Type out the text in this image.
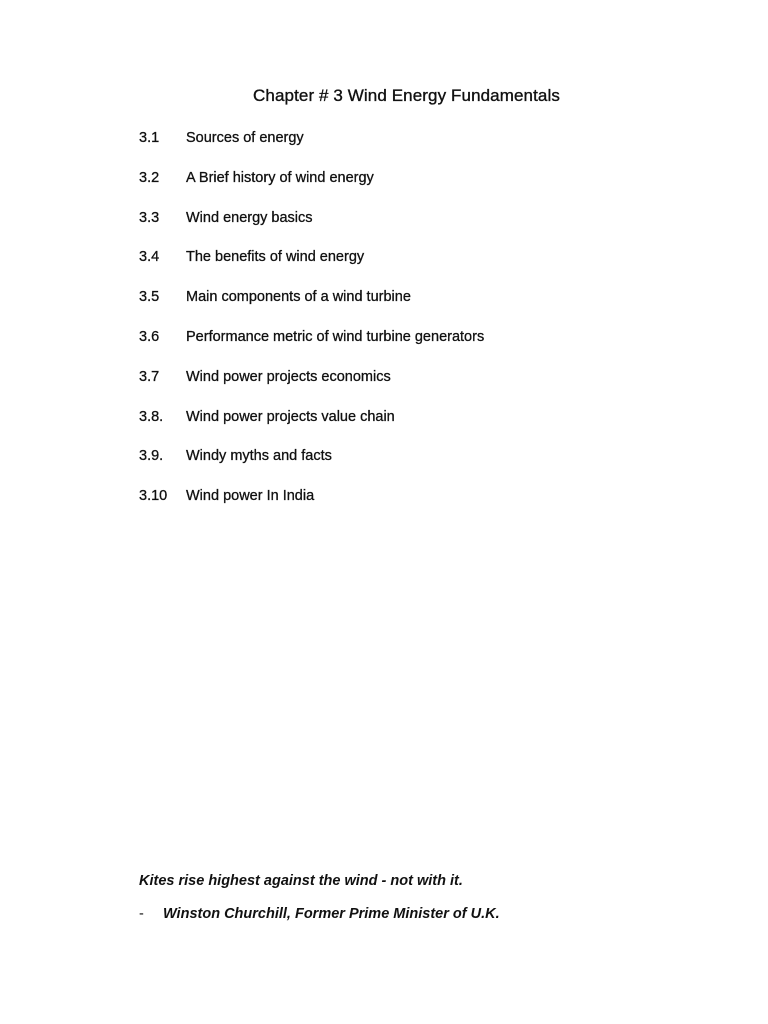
Chapter # 3 Wind Energy Fundamentals
3.1	Sources of energy
3.2	A Brief history of wind energy
3.3	Wind energy basics
3.4	The benefits of wind energy
3.5	Main components of a wind turbine
3.6	Performance metric of wind turbine generators
3.7	Wind power projects economics
3.8.	Wind power projects value chain
3.9.	Windy myths and facts
3.10	Wind power In India
Kites rise highest against the wind - not with it.
-	Winston Churchill, Former Prime Minister of U.K.
